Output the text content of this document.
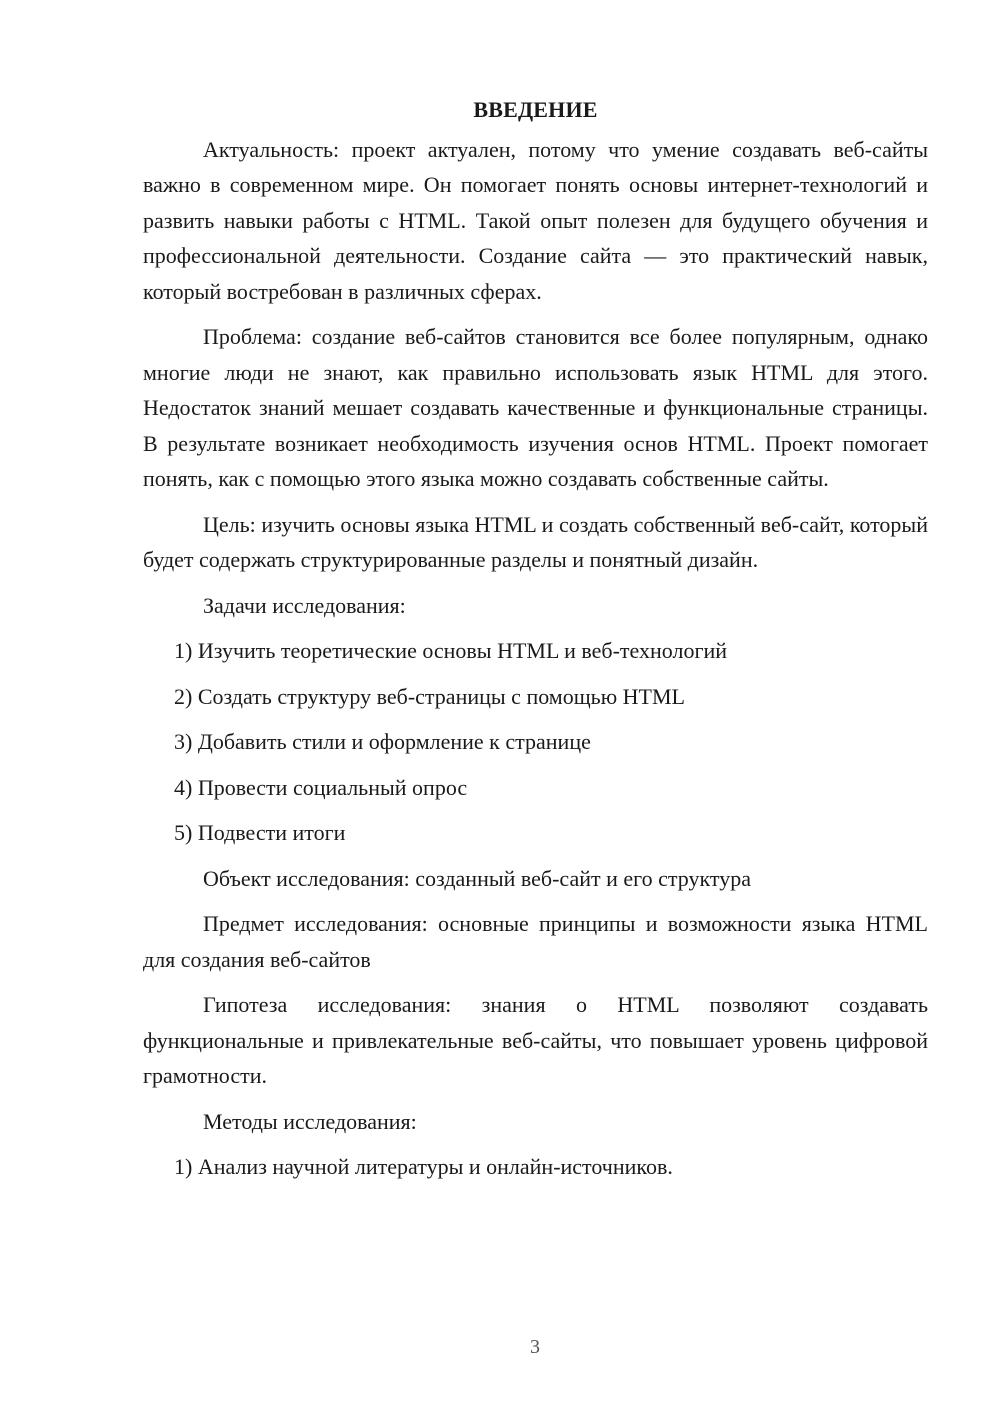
ВВЕДЕНИЕ

Актуальность: проект актуален, потому что умение создавать веб-сайты важно в современном мире. Он помогает понять основы интернет-технологий и развить навыки работы с HTML. Такой опыт полезен для будущего обучения и профессиональной деятельности. Создание сайта — это практический навык, который востребован в различных сферах.

Проблема: создание веб-сайтов становится все более популярным, однако многие люди не знают, как правильно использовать язык HTML для этого. Недостаток знаний мешает создавать качественные и функциональные страницы. В результате возникает необходимость изучения основ HTML. Проект помогает понять, как с помощью этого языка можно создавать собственные сайты.

Цель: изучить основы языка HTML и создать собственный веб-сайт, который будет содержать структурированные разделы и понятный дизайн.

Задачи исследования:
1) Изучить теоретические основы HTML и веб-технологий
2) Создать структуру веб-страницы с помощью HTML
3) Добавить стили и оформление к странице
4) Провести социальный опрос
5) Подвести итоги
Объект исследования: созданный веб-сайт и его структура

Предмет исследования: основные принципы и возможности языка HTML для создания веб-сайтов

Гипотеза исследования: знания о HTML позволяют создавать функциональные и привлекательные веб-сайты, что повышает уровень цифровой грамотности.

Методы исследования:
1) Анализ научной литературы и онлайн-источников.
3
